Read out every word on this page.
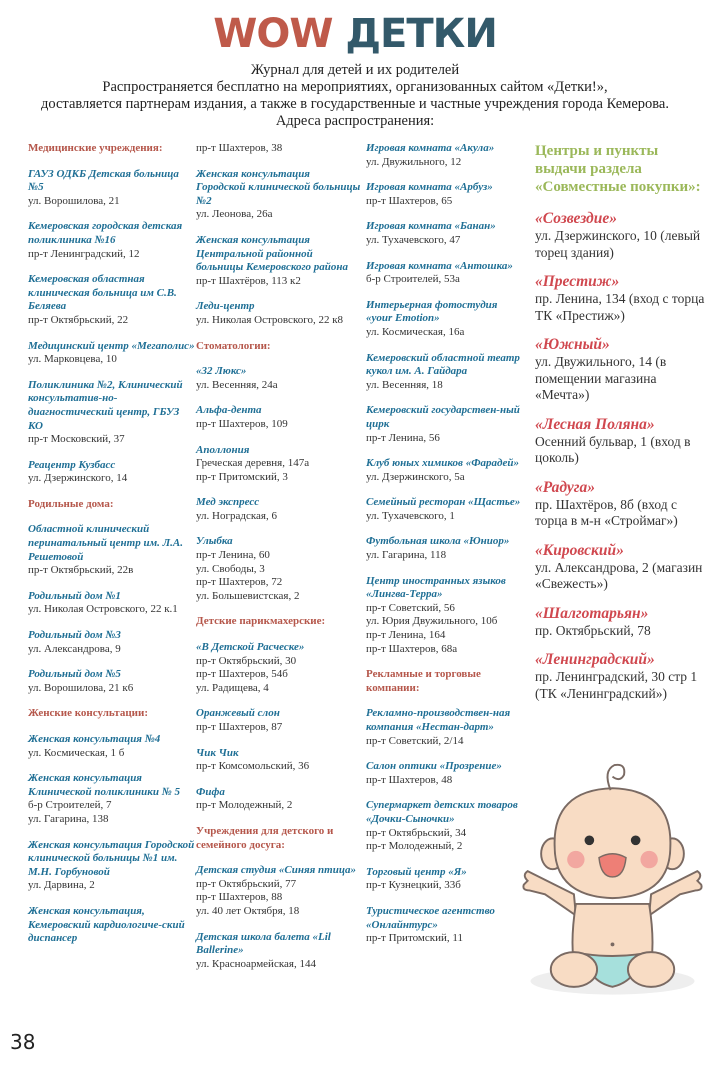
WOW ДЕТКИ
Журнал для детей и их родителей
Распространяется бесплатно на мероприятиях, организованных сайтом «Детки!»,
доставляется партнерам издания, а также в государственные и частные учреждения города Кемерова.
Адреса распространения:
Медицинские учреждения:
ГАУЗ ОДКБ Детская больница №5
ул. Ворошилова, 21
Кемеровская городская детская поликлиника №16
пр-т Ленинградский, 12
Кемеровская областная клиническая больница им С.В. Беляева
пр-т Октябрьский, 22
Медицинский центр «Мегаполис»
ул. Марковцева, 10
Поликлиника №2, Клинический консультатив-но-диагностический центр, ГБУЗ КО
пр-т Московский, 37
Реацентр Кузбасс
ул. Дзержинского, 14
Родильные дома:
Областной клинический перинатальный центр им. Л.А. Решетовой
пр-т Октябрьский, 22в
Родильный дом №1
ул. Николая Островского, 22 к.1
Родильный дом №3
ул. Александрова, 9
Родильный дом №5
ул. Ворошилова, 21 к6
Женские консультации:
Женская консультация №4
ул. Космическая, 1 б
Женская консультация Клинической поликлиники № 5
б-р Строителей, 7
ул. Гагарина, 138
Женская консультация Городской клинической больницы №1 им. М.Н. Горбуновой
ул. Дарвина, 2
Женская консультация, Кемеровский кардиологиче-ский диспансер
пр-т Шахтеров, 38
Женская консультация Городской клинической больницы №2
ул. Леонова, 26а
Женская консультация Центральной районной больницы Кемеровского района
пр-т Шахтёров, 113 к2
Леди-центр
ул. Николая Островского, 22 к8
Стоматологии:
«32 Люкс»
ул. Весенняя, 24а
Альфа-дента
пр-т Шахтеров, 109
Аполлония
Греческая деревня, 147а
пр-т Притомский, 3
Мед экспресс
ул. Ноградская, 6
Улыбка
пр-т Ленина, 60
ул. Свободы, 3
пр-т Шахтеров, 72
ул. Большевистская, 2
Детские парикмахерские:
«В Детской Расческе»
пр-т Октябрьский, 30
пр-т Шахтеров, 54б
ул. Радищева, 4
Оранжевый слон
пр-т Шахтеров, 87
Чик Чик
пр-т Комсомольский, 36
Фифа
пр-т Молодежный, 2
Учреждения для детского и семейного досуга:
Детская студия «Синяя птица»
пр-т Октябрьский, 77
пр-т Шахтеров, 88
ул. 40 лет Октября, 18
Детская школа балета «Lil Ballerine»
ул. Красноармейская, 144
Игровая комната «Акула»
ул. Двужильного, 12
Игровая комната «Арбуз»
пр-т Шахтеров, 65
Игровая комната «Банан»
ул. Тухачевского, 47
Игровая комната «Антошка»
б-р Строителей, 53а
Интерьерная фотостудия «your Emotion»
ул. Космическая, 16а
Кемеровский областной театр кукол им. А. Гайдара
ул. Весенняя, 18
Кемеровский государствен-ный цирк
пр-т Ленина, 56
Клуб юных химиков «Фарадей»
ул. Дзержинского, 5а
Семейный ресторан «Щастье»
ул. Тухачевского, 1
Футбольная школа «Юниор»
ул. Гагарина, 118
Центр иностранных языков «Лингва-Терра»
пр-т Советский, 56
ул. Юрия Двужильного, 10б
пр-т Ленина, 164
пр-т Шахтеров, 68а
Рекламные и торговые компании:
Рекламно-производствен-ная компания «Нестан-дарт»
пр-т Советский, 2/14
Салон оптики «Прозрение»
пр-т Шахтеров, 48
Супермаркет детских товаров «Дочки-Сыночки»
пр-т Октябрьский, 34
пр-т Молодежный, 2
Торговый центр «Я»
пр-т Кузнецкий, 33б
Туристическое агентство «Онлайнтурс»
пр-т Притомский, 11
Центры и пункты выдачи раздела «Совместные покупки»:
«Созвездие»
ул. Дзержинского, 10 (левый торец здания)
«Престиж»
пр. Ленина, 134 (вход с торца ТК «Престиж»)
«Южный»
ул. Двужильного, 14 (в помещении магазина «Мечта»)
«Лесная Поляна»
Осенний бульвар, 1 (вход в цоколь)
«Радуга»
пр. Шахтёров, 8б (вход с торца в м-н «Строймаг»)
«Кировский»
ул. Александрова, 2 (магазин «Свежесть»)
«Шалготарьян»
пр. Октябрьский, 78
«Ленинградский»
пр. Ленинградский, 30 стр 1 (ТК «Ленинградский»)
38
